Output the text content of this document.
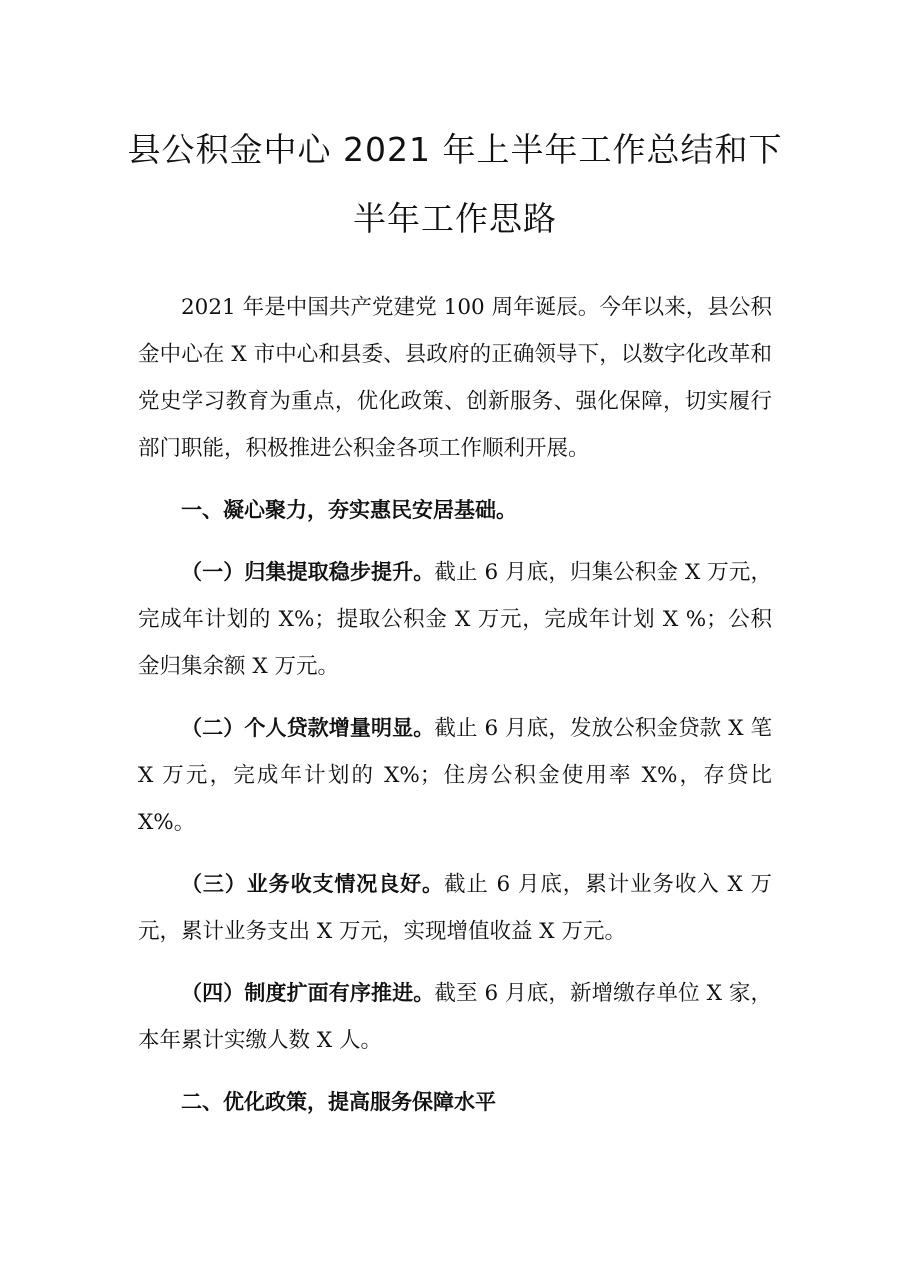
县公积金中心 2021 年上半年工作总结和下
半年工作思路

2021 年是中国共产党建党 100 周年诞辰。今年以来，县公积金中心在 X 市中心和县委、县政府的正确领导下，以数字化改革和党史学习教育为重点，优化政策、创新服务、强化保障，切实履行部门职能，积极推进公积金各项工作顺利开展。

一、凝心聚力，夯实惠民安居基础。

（一）归集提取稳步提升。截止 6 月底，归集公积金 X 万元，完成年计划的 X%；提取公积金 X 万元，完成年计划 X %；公积金归集余额 X 万元。

（二）个人贷款增量明显。截止 6 月底，发放公积金贷款 X 笔 X 万元，完成年计划的 X%；住房公积金使用率 X%，存贷比 X%。

（三）业务收支情况良好。截止 6 月底，累计业务收入 X 万元，累计业务支出 X 万元，实现增值收益 X 万元。

（四）制度扩面有序推进。截至 6 月底，新增缴存单位 X 家，本年累计实缴人数 X 人。

二、优化政策，提高服务保障水平
